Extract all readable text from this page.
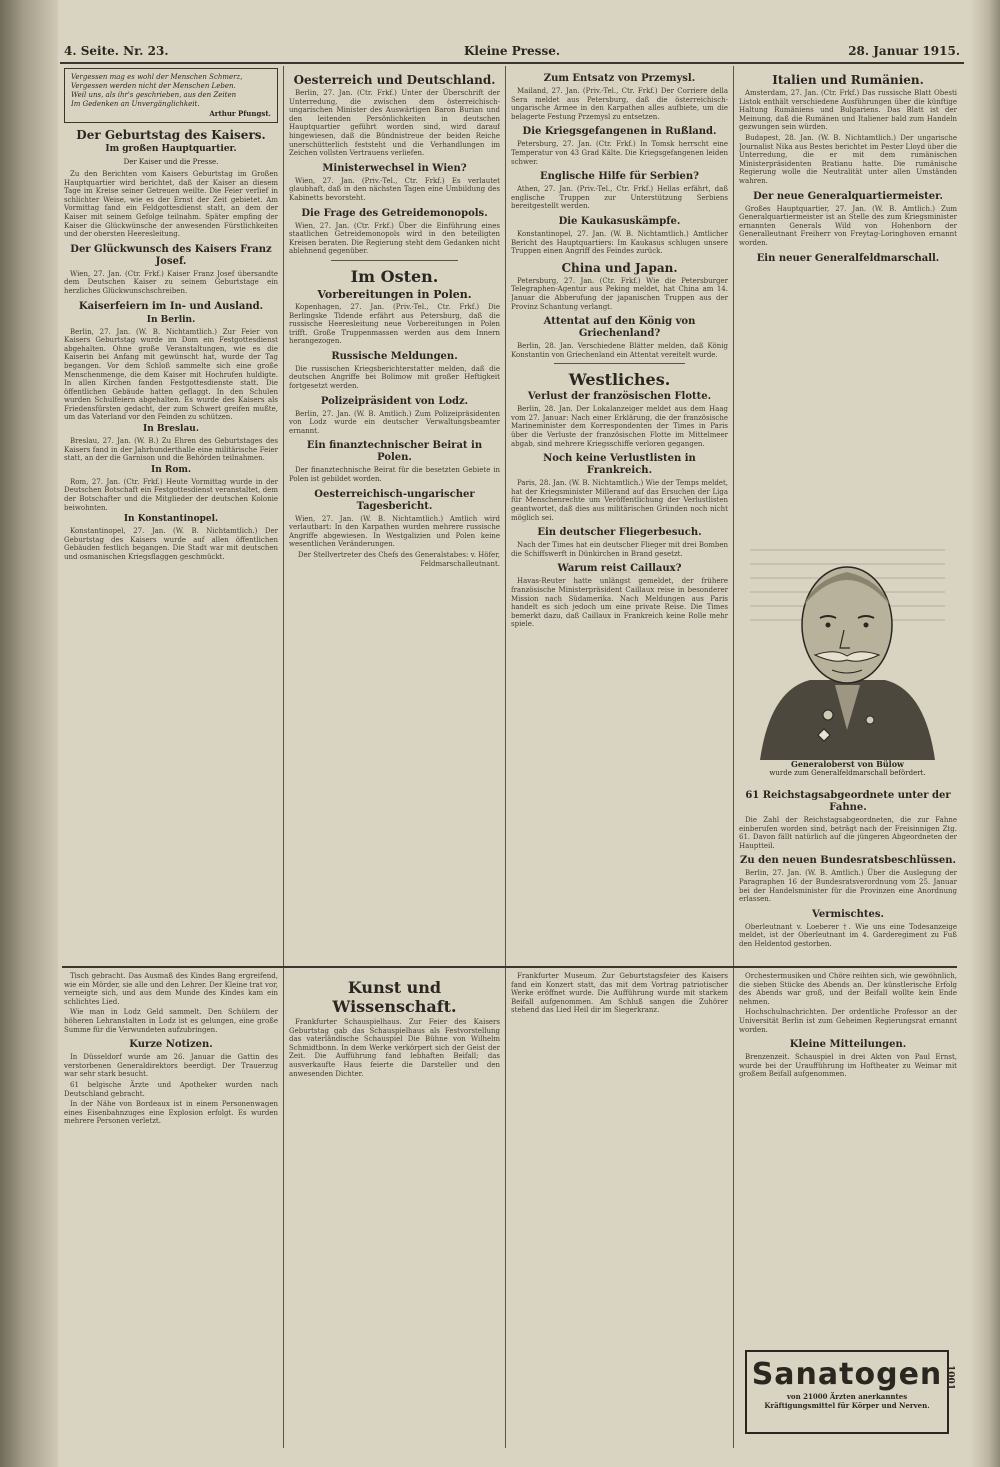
4. Seite. Nr. 23.	Kleine Presse.	28. Januar 1915.
Vergessen mag es wohl der Menschen Schmerz,
Vergessen werden nicht der Menschen Leben.
Weil uns, als ihr's geschrieben, aus den Zeiten
Im Gedenken an Unvergänglichkeit.
Arthur Pfungst.
Der Geburtstag des Kaisers.
Im großen Hauptquartier.
Der Kaiser und die Presse.

Zu den Berichten vom Kaisers Geburtstag im Großen Hauptquartier wird berichtet, daß der Kaiser an diesem Tage im Kreise seiner Getreuen weilte. Die Feier verlief in schlichter Weise, wie es der Ernst der Zeit gebietet. Am Vormittag fand ein Feldgottesdienst statt, an dem der Kaiser mit seinem Gefolge teilnahm. Später empfing der Kaiser die Glückwünsche der anwesenden Fürstlichkeiten und der obersten Heeresleitung.

Der Glückwunsch des Kaisers Franz Josef.

Wien, 27. Jan. (Ctr. Frkf.) Kaiser Franz Josef übersandte dem Deutschen Kaiser zu seinem Geburtstage ein herzliches Glückwunschschreiben.

Kaiserfeiern im In- und Ausland.
In Berlin.

Berlin, 27. Jan. (W. B. Nichtamtlich.) Zur Feier von Kaisers Geburtstag wurde im Dom ein Festgottesdienst abgehalten. Ohne große Veranstaltungen, wie es die Kaiserin bei Anfang mit gewünscht hat, wurde der Tag begangen. Vor dem Schloß sammelte sich eine große Menschenmenge, die dem Kaiser mit Hochrufen huldigte. In allen Kirchen fanden Festgottesdienste statt. Die öffentlichen Gebäude hatten geflaggt. In den Schulen wurden Schulfeiern abgehalten. Es wurde des Kaisers als Friedensfürsten gedacht, der zum Schwert greifen mußte, um das Vaterland vor den Feinden zu schützen.

In Breslau.

Breslau, 27. Jan. (W. B.) Zu Ehren des Geburtstages des Kaisers fand in der Jahrhunderthalle eine militärische Feier statt, an der die Garnison und die Behörden teilnahmen.

In Rom.

Rom, 27. Jan. (Ctr. Frkf.) Heute Vormittag wurde in der Deutschen Botschaft ein Festgottesdienst veranstaltet, dem der Botschafter und die Mitglieder der deutschen Kolonie beiwohnten.

In Konstantinopel.

Konstantinopel, 27. Jan. (W. B. Nichtamtlich.) Der Geburtstag des Kaisers wurde auf allen öffentlichen Gebäuden festlich begangen. Die Stadt war mit deutschen und osmanischen Kriegsflaggen geschmückt.

Oesterreich und Deutschland.

Berlin, 27. Jan. (Ctr. Frkf.) Unter der Überschrift der Unterredung, die zwischen dem österreichisch-ungarischen Minister des Auswärtigen Baron Burian und den leitenden Persönlichkeiten in deutschen Hauptquartier geführt worden sind, wird darauf hingewiesen, daß die Bündnistreue der beiden Reiche unerschütterlich feststeht und die Verhandlungen im Zeichen vollsten Vertrauens verliefen.

Ministerwechsel in Wien?

Wien, 27. Jan. (Priv.-Tel., Ctr. Frkf.) Es verlautet glaubhaft, daß in den nächsten Tagen eine Umbildung des Kabinetts bevorsteht.

Die Frage des Getreidemonopols.

Wien, 27. Jan. (Ctr. Frkf.) Über die Einführung eines staatlichen Getreidemonopols wird in den beteiligten Kreisen beraten. Die Regierung steht dem Gedanken nicht ablehnend gegenüber.

Im Osten.
Vorbereitungen in Polen.

Kopenhagen, 27. Jan. (Priv.-Tel., Ctr. Frkf.) Die Berlingske Tidende erfährt aus Petersburg, daß die russische Heeresleitung neue Vorbereitungen in Polen trifft. Große Truppenmassen werden aus dem Innern herangezogen.

Russische Meldungen.

Die russischen Kriegsberichterstatter melden, daß die deutschen Angriffe bei Bolimow mit großer Heftigkeit fortgesetzt werden.

Polizeipräsident von Lodz.

Berlin, 27. Jan. (W. B. Amtlich.) Zum Polizeipräsidenten von Lodz wurde ein deutscher Verwaltungsbeamter ernannt.

Ein finanztechnischer Beirat in Polen.

Der finanztechnische Beirat für die besetzten Gebiete in Polen ist gebildet worden.

Oesterreichisch-ungarischer Tagesbericht.

Wien, 27. Jan. (W. B. Nichtamtlich.) Amtlich wird verlautbart: In den Karpathen wurden mehrere russische Angriffe abgewiesen. In Westgalizien und Polen keine wesentlichen Veränderungen.

Der Stellvertreter des Chefs des Generalstabes: v. Höfer, Feldmarschalleutnant.

Zum Entsatz von Przemysl.

Mailand, 27. Jan. (Priv.-Tel., Ctr. Frkf.) Der Corriere della Sera meldet aus Petersburg, daß die österreichisch-ungarische Armee in den Karpathen alles aufbiete, um die belagerte Festung Przemysl zu entsetzen.

Die Kriegsgefangenen in Rußland.

Petersburg, 27. Jan. (Ctr. Frkf.) In Tomsk herrscht eine Temperatur von 43 Grad Kälte. Die Kriegsgefangenen leiden schwer.

Englische Hilfe für Serbien?

Athen, 27. Jan. (Priv.-Tel., Ctr. Frkf.) Hellas erfährt, daß englische Truppen zur Unterstützung Serbiens bereitgestellt werden.

Die Kaukasuskämpfe.

Konstantinopel, 27. Jan. (W. B. Nichtamtlich.) Amtlicher Bericht des Hauptquartiers: Im Kaukasus schlugen unsere Truppen einen Angriff des Feindes zurück.

China und Japan.

Petersburg, 27. Jan. (Ctr. Frkf.) Wie die Petersburger Telegraphen-Agentur aus Peking meldet, hat China am 14. Januar die Abberufung der japanischen Truppen aus der Provinz Schantung verlangt.

Attentat auf den König von Griechenland?

Berlin, 28. Jan. Verschiedene Blätter melden, daß König Konstantin von Griechenland ein Attentat vereitelt wurde.

Westliches.
Verlust der französischen Flotte.

Berlin, 28. Jan. Der Lokalanzeiger meldet aus dem Haag vom 27. Januar: Nach einer Erklärung, die der französische Marineminister dem Korrespondenten der Times in Paris über die Verluste der französischen Flotte im Mittelmeer abgab, sind mehrere Kriegsschiffe verloren gegangen.

Noch keine Verlustlisten in Frankreich.

Paris, 28. Jan. (W. B. Nichtamtlich.) Wie der Temps meldet, hat der Kriegsminister Millerand auf das Ersuchen der Liga für Menschenrechte um Veröffentlichung der Verlustlisten geantwortet, daß dies aus militärischen Gründen noch nicht möglich sei.

Ein deutscher Fliegerbesuch.

Nach der Times hat ein deutscher Flieger mit drei Bomben die Schiffswerft in Dünkirchen in Brand gesetzt.

Warum reist Caillaux?

Havas-Reuter hatte unlängst gemeldet, der frühere französische Ministerpräsident Caillaux reise in besonderer Mission nach Südamerika. Nach Meldungen aus Paris handelt es sich jedoch um eine private Reise. Die Times bemerkt dazu, daß Caillaux in Frankreich keine Rolle mehr spiele.

Italien und Rumänien.

Amsterdam, 27. Jan. (Ctr. Frkf.) Das russische Blatt Obesti Listok enthält verschiedene Ausführungen über die künftige Haltung Rumäniens und Bulgariens. Das Blatt ist der Meinung, daß die Rumänen und Italiener bald zum Handeln gezwungen sein würden.

Budapest, 28. Jan. (W. B. Nichtamtlich.) Der ungarische Journalist Nika aus Bestes berichtet im Pester Lloyd über die Unterredung, die er mit dem rumänischen Ministerpräsidenten Bratianu hatte. Die rumänische Regierung wolle die Neutralität unter allen Umständen wahren.

Der neue Generalquartiermeister.

Großes Hauptquartier, 27. Jan. (W. B. Amtlich.) Zum Generalquartiermeister ist an Stelle des zum Kriegsminister ernannten Generals Wild von Hohenborn der Generalleutnant Freiherr von Freytag-Loringhoven ernannt worden.

Ein neuer Generalfeldmarschall.
Generaloberst von Bülow
wurde zum Generalfeldmarschall befördert.
61 Reichstagsabgeordnete unter der Fahne.

Die Zahl der Reichstagsabgeordneten, die zur Fahne einberufen worden sind, beträgt nach der Freisinnigen Ztg. 61. Davon fällt natürlich auf die jüngeren Abgeordneten der Hauptteil.

Zu den neuen Bundesratsbeschlüssen.

Berlin, 27. Jan. (W. B. Amtlich.) Über die Auslegung der Paragraphen 16 der Bundesratsverordnung vom 25. Januar bei der Handelsminister für die Provinzen eine Anordnung erlassen.

Vermischtes.

Oberleutnant v. Loeberer †. Wie uns eine Todesanzeige meldet, ist der Oberleutnant im 4. Garderegiment zu Fuß den Heldentod gestorben.

Tisch gebracht. Das Ausmaß des Kindes Bang ergreifend, wie ein Mörder, sie alle und den Lehrer. Der Kleine trat vor, verneigte sich, und aus dem Munde des Kindes kam ein schlichtes Lied.

Wie man in Lodz Geld sammelt. Den Schülern der höheren Lehranstalten in Lodz ist es gelungen, eine große Summe für die Verwundeten aufzubringen.

Kurze Notizen.

In Düsseldorf wurde am 26. Januar die Gattin des verstorbenen Generaldirektors beerdigt. Der Trauerzug war sehr stark besucht.

61 belgische Ärzte und Apotheker wurden nach Deutschland gebracht.

In der Nähe von Bordeaux ist in einem Personenwagen eines Eisenbahnzuges eine Explosion erfolgt. Es wurden mehrere Personen verletzt.

Kunst und Wissenschaft.

Frankfurter Schauspielhaus. Zur Feier des Kaisers Geburtstag gab das Schauspielhaus als Festvorstellung das vaterländische Schauspiel Die Bühne von Wilhelm Schmidtbonn. In dem Werke verkörpert sich der Geist der Zeit. Die Aufführung fand lebhaften Beifall; das ausverkaufte Haus feierte die Darsteller und den anwesenden Dichter.

Frankfurter Museum. Zur Geburtstagsfeier des Kaisers fand ein Konzert statt, das mit dem Vortrag patriotischer Werke eröffnet wurde. Die Aufführung wurde mit starkem Beifall aufgenommen. Am Schluß sangen die Zuhörer stehend das Lied Heil dir im Siegerkranz.

Orchestermusiken und Chöre reihten sich, wie gewöhnlich, die sieben Stücke des Abends an. Der künstlerische Erfolg des Abends war groß, und der Beifall wollte kein Ende nehmen.

Hochschulnachrichten. Der ordentliche Professor an der Universität Berlin ist zum Geheimen Regierungsrat ernannt worden.

Kleine Mitteilungen.

Brenzenzeit. Schauspiel in drei Akten von Paul Ernst, wurde bei der Uraufführung im Hoftheater zu Weimar mit großem Beifall aufgenommen.

Sanatogen
von 21000 Ärzten anerkanntes Kräftigungsmittel für Körper und Nerven.
1001
